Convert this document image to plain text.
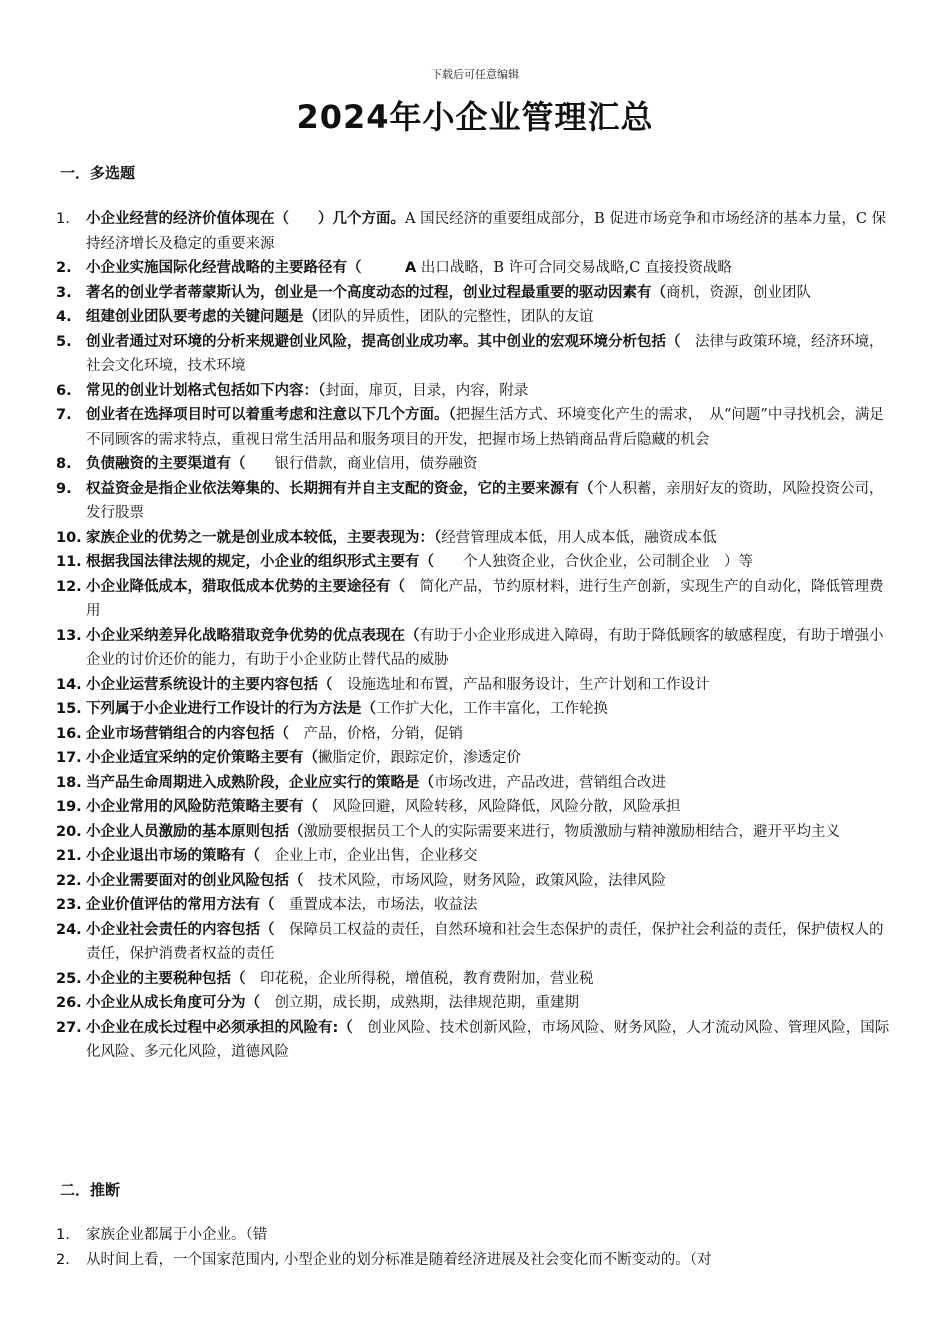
下载后可任意编辑
2024年小企业管理汇总
一．多选题
1. 小企业经营的经济价值体现在（　　）几个方面。A 国民经济的重要组成部分，B 促进市场竞争和市场经济的基本力量，C 保持经济增长及稳定的重要来源
2. 小企业实施国际化经营战略的主要路径有（　　　A 出口战略，B 许可合同交易战略,C 直接投资战略
3. 著名的创业学者蒂蒙斯认为，创业是一个高度动态的过程，创业过程最重要的驱动因素有（商机，资源，创业团队
4. 组建创业团队要考虑的关键问题是（团队的异质性，团队的完整性，团队的友谊
5. 创业者通过对环境的分析来规避创业风险，提高创业成功率。其中创业的宏观环境分析包括（　法律与政策环境，经济环境，社会文化环境，技术环境
6. 常见的创业计划格式包括如下内容：（封面，扉页，目录，内容，附录
7. 创业者在选择项目时可以着重考虑和注意以下几个方面。（把握生活方式、环境变化产生的需求，　从“问题”中寻找机会，满足不同顾客的需求特点，重视日常生活用品和服务项目的开发，把握市场上热销商品背后隐藏的机会
8. 负债融资的主要渠道有（　　银行借款，商业信用，债券融资
9. 权益资金是指企业依法筹集的、长期拥有并自主支配的资金，它的主要来源有（个人积蓄，亲朋好友的资助，风险投资公司，发行股票
10. 家族企业的优势之一就是创业成本较低，主要表现为：（经营管理成本低，用人成本低，融资成本低
11. 根据我国法律法规的规定，小企业的组织形式主要有（　　个人独资企业，合伙企业，公司制企业　）等
12. 小企业降低成本，猎取低成本优势的主要途径有（　简化产品，节约原材料，进行生产创新，实现生产的自动化，降低管理费用
13. 小企业采纳差异化战略猎取竞争优势的优点表现在（有助于小企业形成进入障碍，有助于降低顾客的敏感程度，有助于增强小企业的讨价还价的能力，有助于小企业防止替代品的威胁
14. 小企业运营系统设计的主要内容包括（　设施选址和布置，产品和服务设计，生产计划和工作设计
15. 下列属于小企业进行工作设计的行为方法是（工作扩大化，工作丰富化，工作轮换
16. 企业市场营销组合的内容包括（　产品，价格，分销，促销
17. 小企业适宜采纳的定价策略主要有（撇脂定价，跟踪定价，渗透定价
18. 当产品生命周期进入成熟阶段，企业应实行的策略是（市场改进，产品改进，营销组合改进
19. 小企业常用的风险防范策略主要有（　风险回避，风险转移，风险降低，风险分散，风险承担
20. 小企业人员激励的基本原则包括（激励要根据员工个人的实际需要来进行，物质激励与精神激励相结合，避开平均主义
21. 小企业退出市场的策略有（　企业上市，企业出售，企业移交
22. 小企业需要面对的创业风险包括（　技术风险，市场风险，财务风险，政策风险，法律风险
23. 企业价值评估的常用方法有（　重置成本法，市场法，收益法
24. 小企业社会责任的内容包括（　保障员工权益的责任，自然环境和社会生态保护的责任，保护社会利益的责任，保护债权人的责任，保护消费者权益的责任
25. 小企业的主要税种包括（　印花税，企业所得税，增值税，教育费附加，营业税
26. 小企业从成长角度可分为（　创立期，成长期，成熟期，法律规范期，重建期
27. 小企业在成长过程中必须承担的风险有:（　创业风险、技术创新风险，市场风险、财务风险，人才流动风险、管理风险，国际化风险、多元化风险，道德风险
二．推断
1. 家族企业都属于小企业。（错
2. 从时间上看，一个国家范围内, 小型企业的划分标准是随着经济进展及社会变化而不断变动的。（对
